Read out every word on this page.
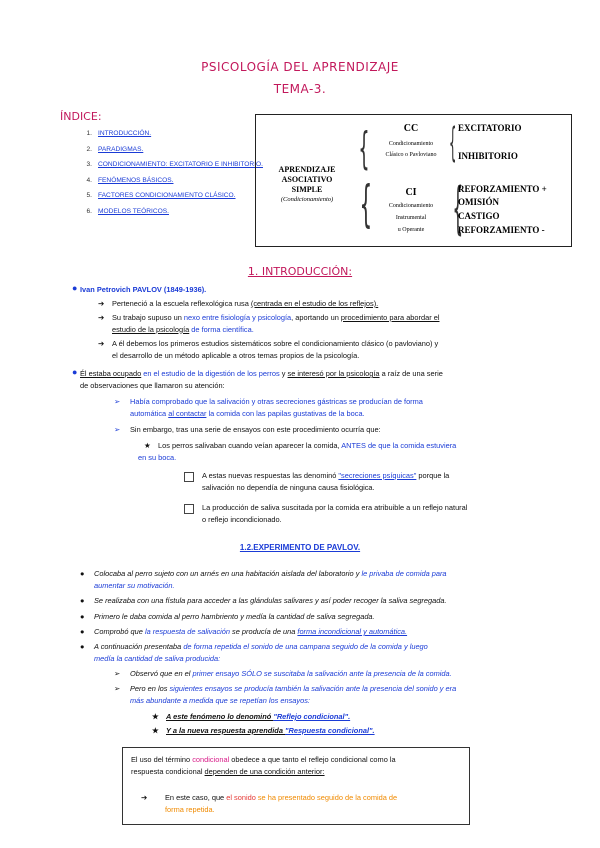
PSICOLOGÍA DEL APRENDIZAJE
TEMA-3.
ÍNDICE:
1. INTRODUCCIÓN.
2. PARADIGMAS.
3. CONDICIONAMIENTO: EXCITATORIO E INHIBITORIO.
4. FENÓMENOS BÁSICOS.
5. FACTORES CONDICIONAMIENTO CLÁSICO.
6. MODELOS TEÓRICOS.
APRENDIZAJE
ASOCIATIVO
SIMPLE
(Condicionamiento)
{
{
CC
Condicionamiento
Clásico o Pavloviano
CI
Condicionamiento
Instrumental
u Operante
{
{
EXCITATORIO
INHIBITORIO
REFORZAMIENTO +
OMISIÓN
CASTIGO
REFORZAMIENTO -
1. INTRODUCCIÓN:
● Ivan Petrovich PAVLOV (1849-1936).
➔ Perteneció a la escuela reflexológica rusa (centrada en el estudio de los reflejos).
➔ Su trabajo supuso un nexo entre fisiología y psicología, aportando un procedimiento para abordar el
estudio de la psicología de forma científica.
➔ A él debemos los primeros estudios sistemáticos sobre el condicionamiento clásico (o pavloviano) y
el desarrollo de un método aplicable a otros temas propios de la psicología.
● Él estaba ocupado en el estudio de la digestión de los perros y se interesó por la psicología a raíz de una serie
de observaciones que llamaron su atención:
➢ Había comprobado que la salivación y otras secreciones gástricas se producían de forma
automática al contactar la comida con las papilas gustativas de la boca.
➢ Sin embargo, tras una serie de ensayos con este procedimiento ocurría que:
★ Los perros salivaban cuando veían aparecer la comida, ANTES de que la comida estuviera
en su boca.
A estas nuevas respuestas las denominó "secreciones psíquicas" porque la
salivación no dependía de ninguna causa fisiológica.
La producción de saliva suscitada por la comida era atribuible a un reflejo natural
o reflejo incondicionado.
1.2.EXPERIMENTO DE PAVLOV.
● Colocaba al perro sujeto con un arnés en una habitación aislada del laboratorio y le privaba de comida para
aumentar su motivación.
● Se realizaba con una fístula para acceder a las glándulas salivares y así poder recoger la saliva segregada.
● Primero le daba comida al perro hambriento y medía la cantidad de saliva segregada.
● Comprobó que la respuesta de salivación se producía de una forma incondicional y automática.
● A continuación presentaba de forma repetida el sonido de una campana seguido de la comida y luego
medía la cantidad de saliva producida:
➢ Observó que en el primer ensayo SÓLO se suscitaba la salivación ante la presencia de la comida.
➢ Pero en los siguientes ensayos se producía también la salivación ante la presencia del sonido y era
más abundante a medida que se repetían los ensayos:
★ A este fenómeno lo denominó "Reflejo condicional".
★ Y a la nueva respuesta aprendida "Respuesta condicional".
El uso del término condicional obedece a que tanto el reflejo condicional como la
respuesta condicional dependen de una condición anterior:
➔ En este caso, que el sonido se ha presentado seguido de la comida de
forma repetida.
